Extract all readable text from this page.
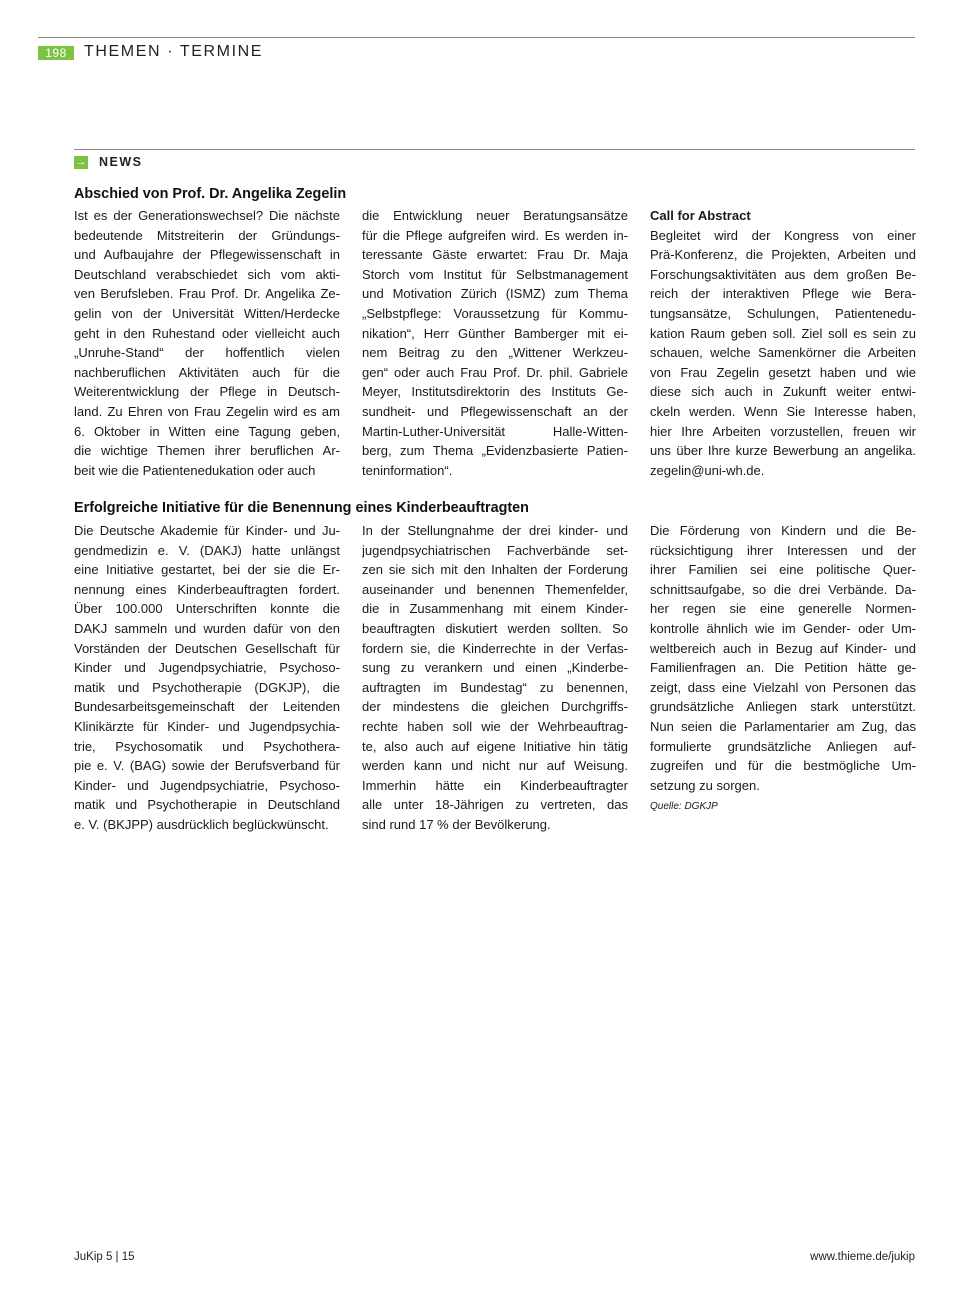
198	THEMEN · TERMINE
→ NEWS
Abschied von Prof. Dr. Angelika Zegelin
Ist es der Generationswechsel? Die nächste
bedeutende Mitstreiterin der Gründungs-
und Aufbaujahre der Pflegewissenschaft in
Deutschland verabschiedet sich vom akti-
ven Berufsleben. Frau Prof. Dr. Angelika Ze-
gelin von der Universität Witten/Herdecke
geht in den Ruhestand oder vielleicht auch
„Unruhe-Stand“ der hoffentlich vielen
nachberuflichen Aktivitäten auch für die
Weiterentwicklung der Pflege in Deutsch-
land. Zu Ehren von Frau Zegelin wird es am
6. Oktober in Witten eine Tagung geben,
die wichtige Themen ihrer beruflichen Ar-
beit wie die Patientenedukation oder auch
die Entwicklung neuer Beratungsansätze
für die Pflege aufgreifen wird. Es werden in-
teressante Gäste erwartet: Frau Dr. Maja
Storch vom Institut für Selbstmanagement
und Motivation Zürich (ISMZ) zum Thema
„Selbstpflege: Voraussetzung für Kommu-
nikation“, Herr Günther Bamberger mit ei-
nem Beitrag zu den „Wittener Werkzeu-
gen“ oder auch Frau Prof. Dr. phil. Gabriele
Meyer, Institutsdirektorin des Instituts Ge-
sundheit- und Pflegewissenschaft an der
Martin-Luther-Universität Halle-Witten-
berg, zum Thema „Evidenzbasierte Patien-
teninformation“.
Call for Abstract
Begleitet wird der Kongress von einer
Prä-Konferenz, die Projekten, Arbeiten und
Forschungsaktivitäten aus dem großen Be-
reich der interaktiven Pflege wie Bera-
tungsansätze, Schulungen, Patientenedu-
kation Raum geben soll. Ziel soll es sein zu
schauen, welche Samenkörner die Arbeiten
von Frau Zegelin gesetzt haben und wie
diese sich auch in Zukunft weiter entwi-
ckeln werden. Wenn Sie Interesse haben,
hier Ihre Arbeiten vorzustellen, freuen wir
uns über Ihre kurze Bewerbung an angelika.
zegelin@uni-wh.de.
Erfolgreiche Initiative für die Benennung eines Kinderbeauftragten
Die Deutsche Akademie für Kinder- und Ju-
gendmedizin e. V. (DAKJ) hatte unlängst
eine Initiative gestartet, bei der sie die Er-
nennung eines Kinderbeauftragten fordert.
Über 100.000 Unterschriften konnte die
DAKJ sammeln und wurden dafür von den
Vorständen der Deutschen Gesellschaft für
Kinder und Jugendpsychiatrie, Psychoso-
matik und Psychotherapie (DGKJP), die
Bundesarbeitsgemeinschaft der Leitenden
Klinikärzte für Kinder- und Jugendpsychia-
trie, Psychosomatik und Psychothera-
pie e. V. (BAG) sowie der Berufsverband für
Kinder- und Jugendpsychiatrie, Psychoso-
matik und Psychotherapie in Deutschland
e. V. (BKJPP) ausdrücklich beglückwünscht.
In der Stellungnahme der drei kinder- und
jugendpsychiatrischen Fachverbände set-
zen sie sich mit den Inhalten der Forderung
auseinander und benennen Themenfelder,
die in Zusammenhang mit einem Kinder-
beauftragten diskutiert werden sollten. So
fordern sie, die Kinderrechte in der Verfas-
sung zu verankern und einen „Kinderbe-
auftragten im Bundestag“ zu benennen,
der mindestens die gleichen Durchgriffs-
rechte haben soll wie der Wehrbeauftrag-
te, also auch auf eigene Initiative hin tätig
werden kann und nicht nur auf Weisung.
Immerhin hätte ein Kinderbeauftragter
alle unter 18-Jährigen zu vertreten, das
sind rund 17 % der Bevölkerung.
Die Förderung von Kindern und die Be-
rücksichtigung ihrer Interessen und der
ihrer Familien sei eine politische Quer-
schnittsaufgabe, so die drei Verbände. Da-
her regen sie eine generelle Normen-
kontrolle ähnlich wie im Gender- oder Um-
weltbereich auch in Bezug auf Kinder- und
Familienfragen an. Die Petition hätte ge-
zeigt, dass eine Vielzahl von Personen das
grundsätzliche Anliegen stark unterstützt.
Nun seien die Parlamentarier am Zug, das
formulierte grundsätzliche Anliegen auf-
zugreifen und für die bestmögliche Um-
setzung zu sorgen.
Quelle: DGKJP
JuKip 5 | 15	www.thieme.de/jukip
